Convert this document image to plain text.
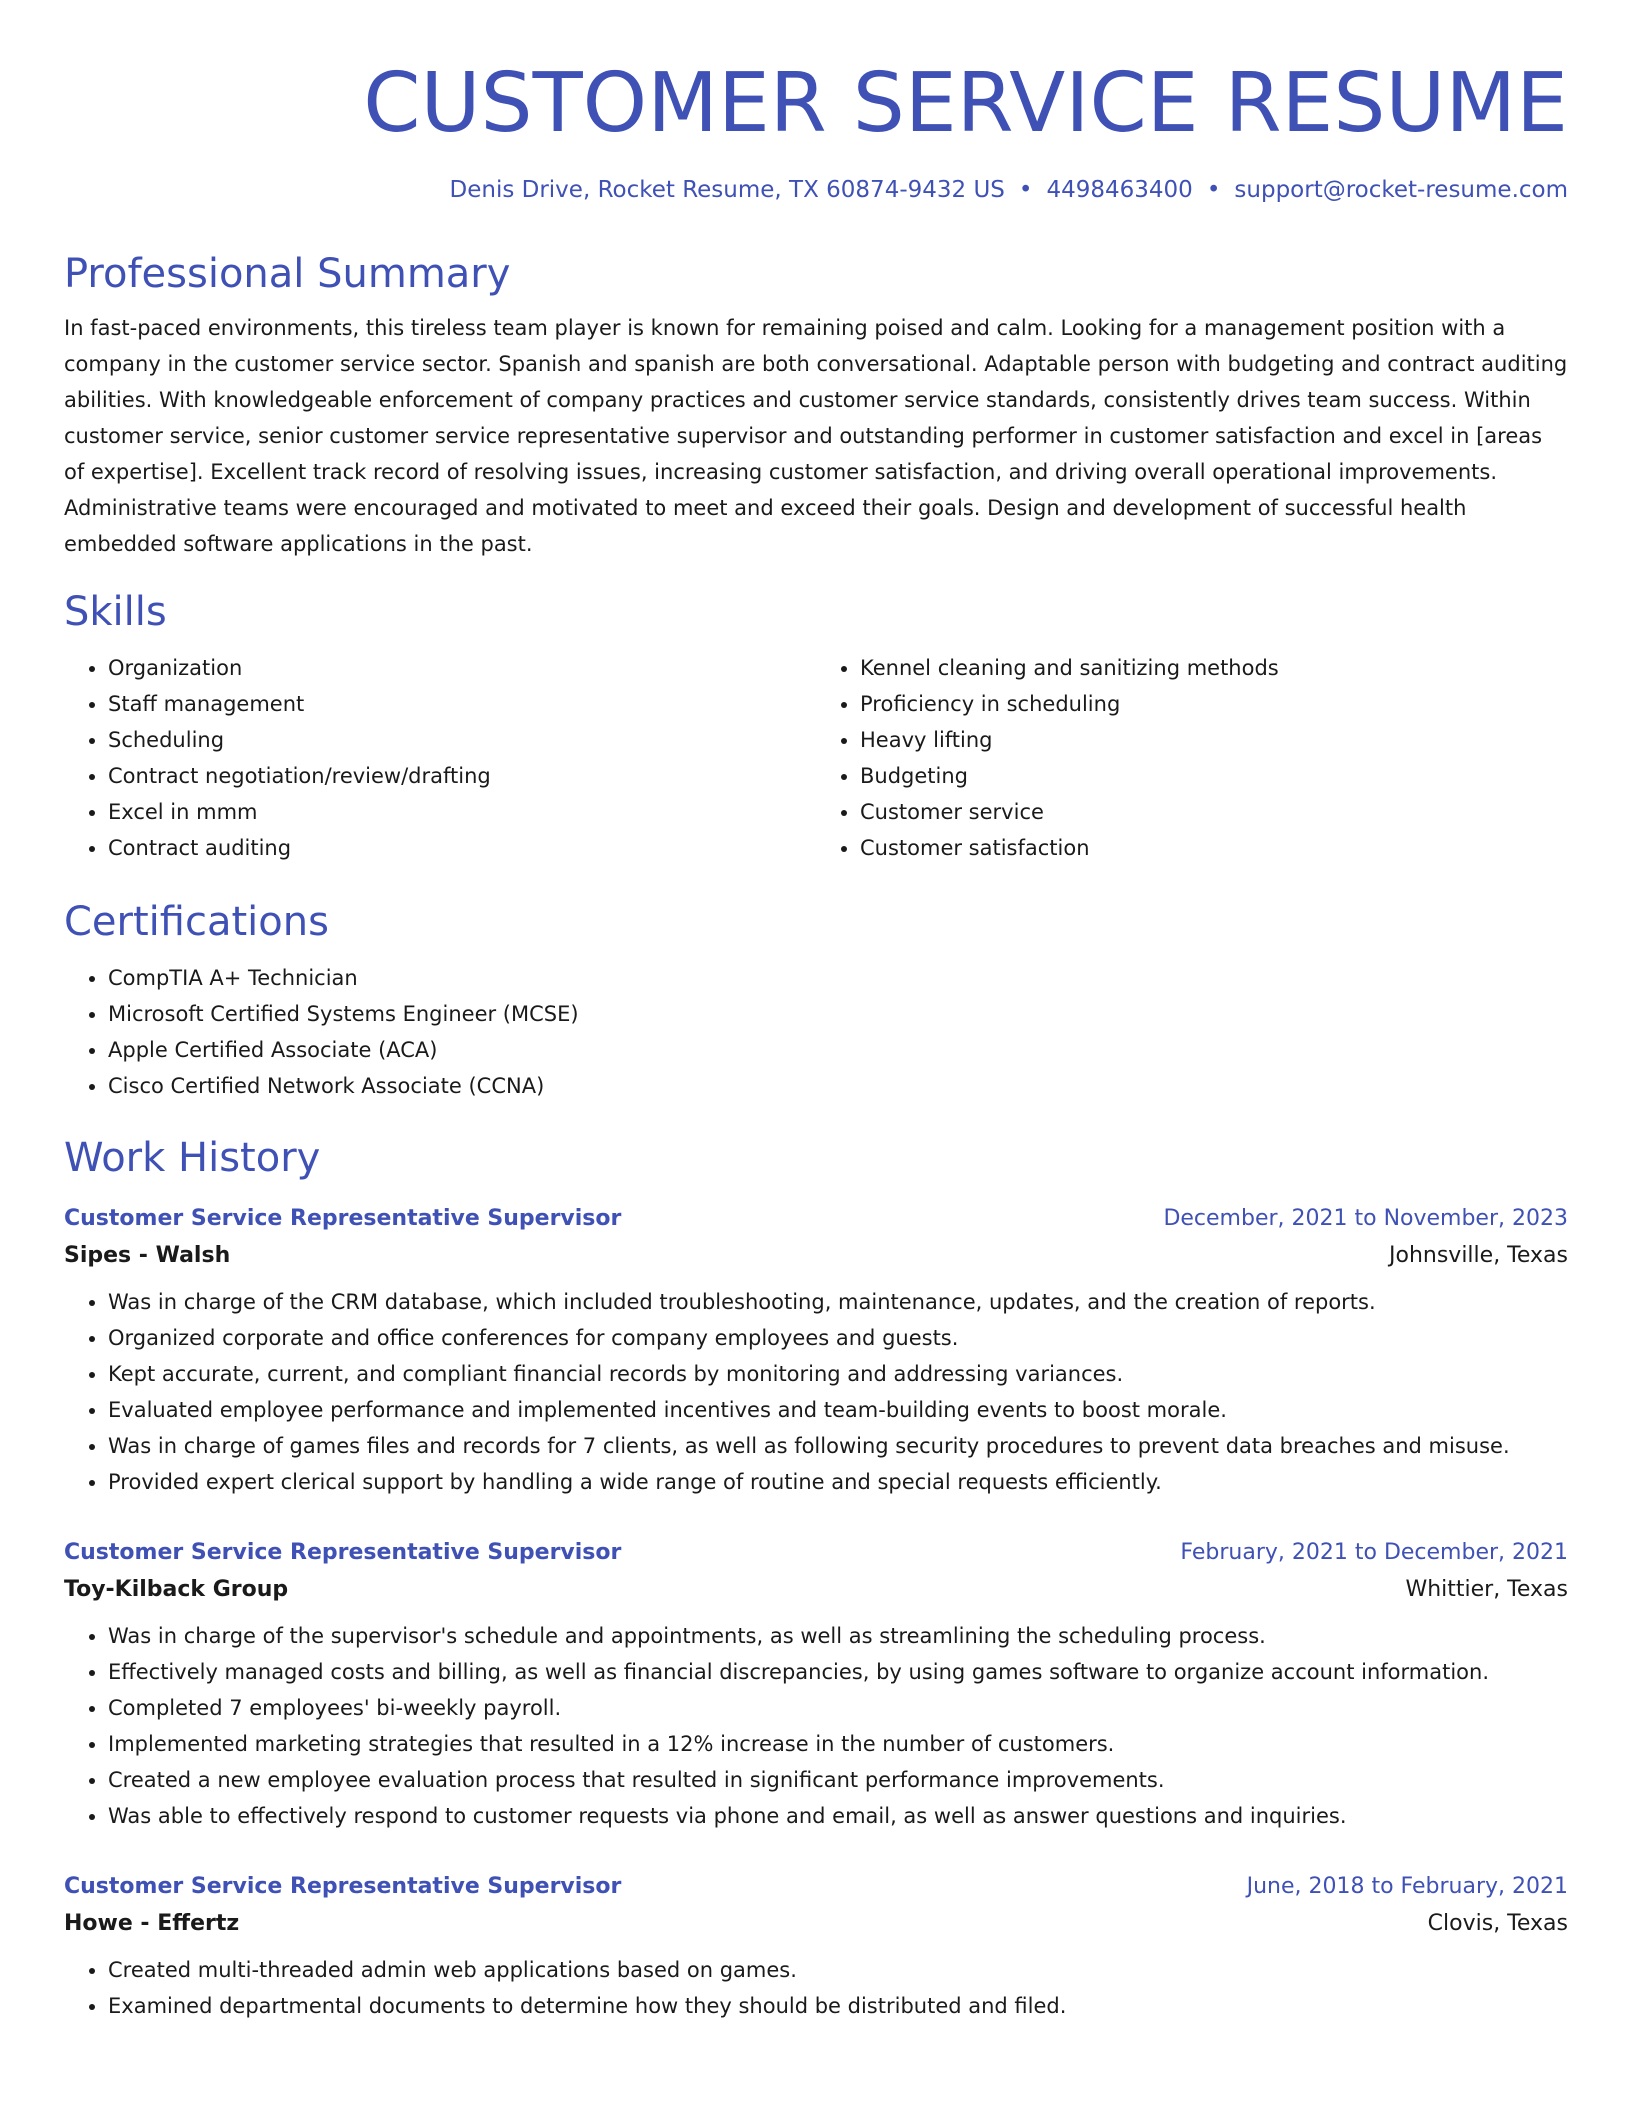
CUSTOMER SERVICE RESUME
Denis Drive, Rocket Resume, TX 60874-9432 US • 4498463400 • support@rocket-resume.com
Professional Summary

In fast-paced environments, this tireless team player is known for remaining poised and calm. Looking for a management position with a company in the customer service sector. Spanish and spanish are both conversational. Adaptable person with budgeting and contract auditing abilities. With knowledgeable enforcement of company practices and customer service standards, consistently drives team success. Within customer service, senior customer service representative supervisor and outstanding performer in customer satisfaction and excel in [areas of expertise]. Excellent track record of resolving issues, increasing customer satisfaction, and driving overall operational improvements. Administrative teams were encouraged and motivated to meet and exceed their goals. Design and development of successful health embedded software applications in the past.

Skills
• Organization
• Staff management
• Scheduling
• Contract negotiation/review/drafting
• Excel in mmm
• Contract auditing
• Kennel cleaning and sanitizing methods
• Proficiency in scheduling
• Heavy lifting
• Budgeting
• Customer service
• Customer satisfaction
Certifications
• CompTIA A+ Technician
• Microsoft Certified Systems Engineer (MCSE)
• Apple Certified Associate (ACA)
• Cisco Certified Network Associate (CCNA)
Work History
Customer Service Representative Supervisor	December, 2021 to November, 2023
Sipes - Walsh	Johnsville, Texas
• Was in charge of the CRM database, which included troubleshooting, maintenance, updates, and the creation of reports.
• Organized corporate and office conferences for company employees and guests.
• Kept accurate, current, and compliant financial records by monitoring and addressing variances.
• Evaluated employee performance and implemented incentives and team-building events to boost morale.
• Was in charge of games files and records for 7 clients, as well as following security procedures to prevent data breaches and misuse.
• Provided expert clerical support by handling a wide range of routine and special requests efficiently.
Customer Service Representative Supervisor	February, 2021 to December, 2021
Toy-Kilback Group	Whittier, Texas
• Was in charge of the supervisor's schedule and appointments, as well as streamlining the scheduling process.
• Effectively managed costs and billing, as well as financial discrepancies, by using games software to organize account information.
• Completed 7 employees' bi-weekly payroll.
• Implemented marketing strategies that resulted in a 12% increase in the number of customers.
• Created a new employee evaluation process that resulted in significant performance improvements.
• Was able to effectively respond to customer requests via phone and email, as well as answer questions and inquiries.
Customer Service Representative Supervisor	June, 2018 to February, 2021
Howe - Effertz	Clovis, Texas
• Created multi-threaded admin web applications based on games.
• Examined departmental documents to determine how they should be distributed and filed.
